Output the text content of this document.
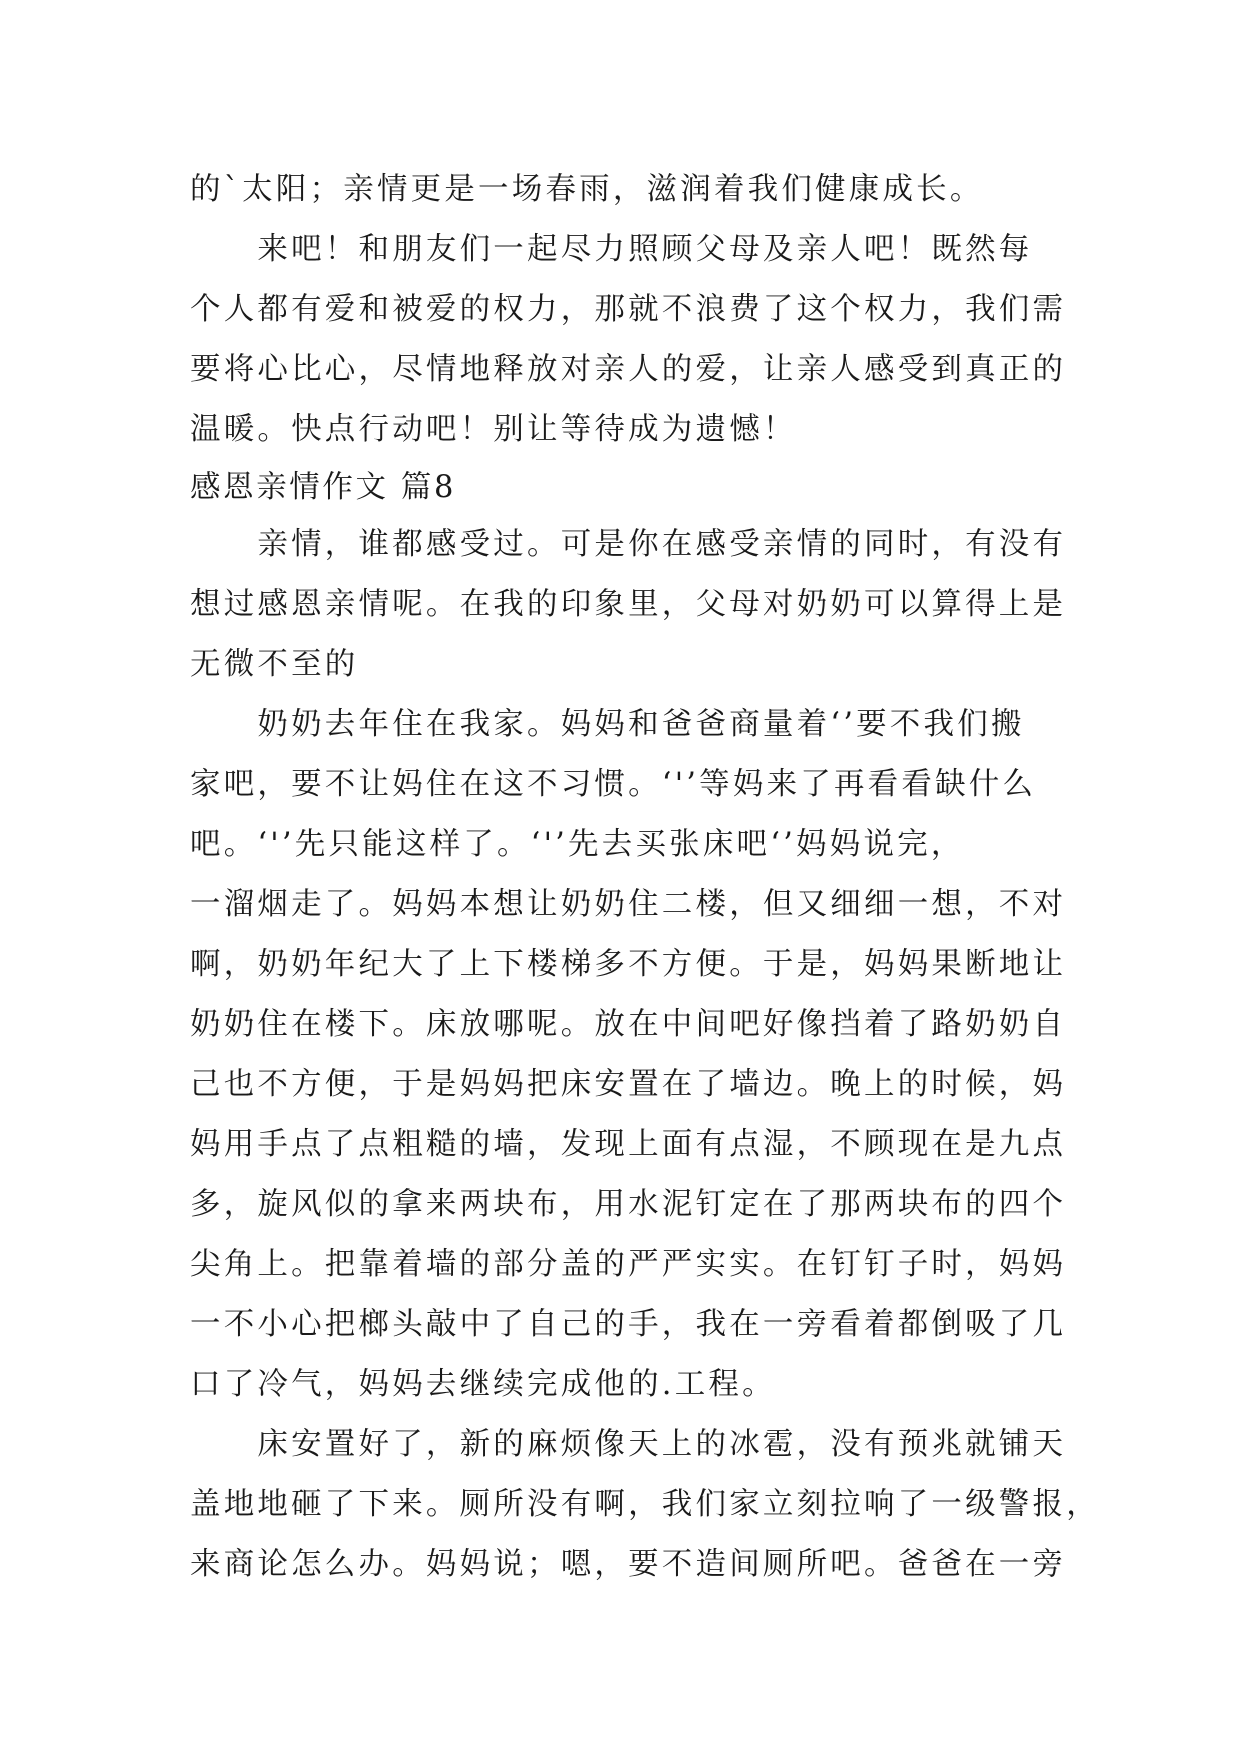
的`太阳；亲情更是一场春雨，滋润着我们健康成长。
　　来吧！和朋友们一起尽力照顾父母及亲人吧！既然每
个人都有爱和被爱的权力，那就不浪费了这个权力，我们需
要将心比心，尽情地释放对亲人的爱，让亲人感受到真正的
温暖。快点行动吧！别让等待成为遗憾！
感恩亲情作文 篇8
　　亲情，谁都感受过。可是你在感受亲情的同时，有没有
想过感恩亲情呢。在我的印象里，父母对奶奶可以算得上是
无微不至的
　　奶奶去年住在我家。妈妈和爸爸商量着‘’要不我们搬
家吧，要不让妈住在这不习惯。‘'’等妈来了再看看缺什么
吧。‘'’先只能这样了。‘'’先去买张床吧‘’妈妈说完，
一溜烟走了。妈妈本想让奶奶住二楼，但又细细一想，不对
啊，奶奶年纪大了上下楼梯多不方便。于是，妈妈果断地让
奶奶住在楼下。床放哪呢。放在中间吧好像挡着了路奶奶自
己也不方便，于是妈妈把床安置在了墙边。晚上的时候，妈
妈用手点了点粗糙的墙，发现上面有点湿，不顾现在是九点
多，旋风似的拿来两块布，用水泥钉定在了那两块布的四个
尖角上。把靠着墙的部分盖的严严实实。在钉钉子时，妈妈
一不小心把榔头敲中了自己的手，我在一旁看着都倒吸了几
口了冷气，妈妈去继续完成他的.工程。
　　床安置好了，新的麻烦像天上的冰雹，没有预兆就铺天
盖地地砸了下来。厕所没有啊，我们家立刻拉响了一级警报，
来商论怎么办。妈妈说；嗯，要不造间厕所吧。爸爸在一旁
